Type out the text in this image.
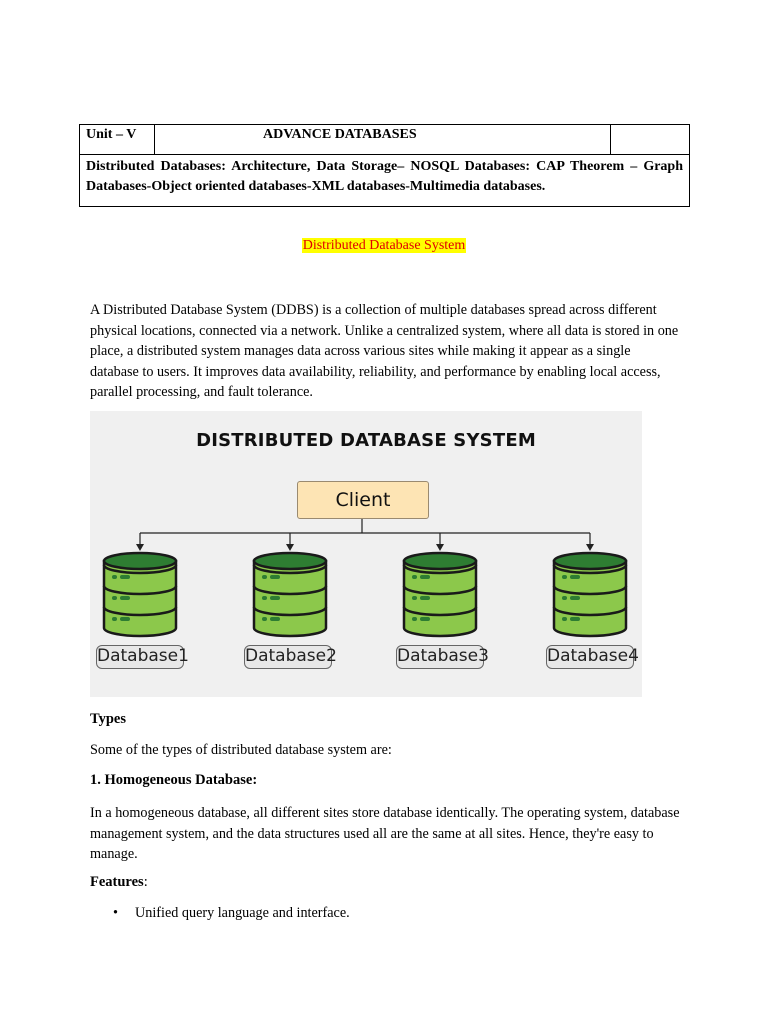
Unit – V	ADVANCE DATABASES	
Distributed Databases: Architecture, Data Storage– NOSQL Databases: CAP Theorem – Graph Databases-Object oriented databases-XML databases-Multimedia databases.
Distributed Database System

A Distributed Database System (DDBS) is a collection of multiple databases spread across different physical locations, connected via a network. Unlike a centralized system, where all data is stored in one place, a distributed system manages data across various sites while making it appear as a single database to users. It improves data availability, reliability, and performance by enabling local access, parallel processing, and fault tolerance.

DISTRIBUTED DATABASE SYSTEM
Client
Database1	Database2	Database3	Database4
Types

Some of the types of distributed database system are:

1. Homogeneous Database:

In a homogeneous database, all different sites store database identically. The operating system, database management system, and the data structures used all are the same at all sites. Hence, they're easy to manage.

Features:
• Unified query language and interface.
